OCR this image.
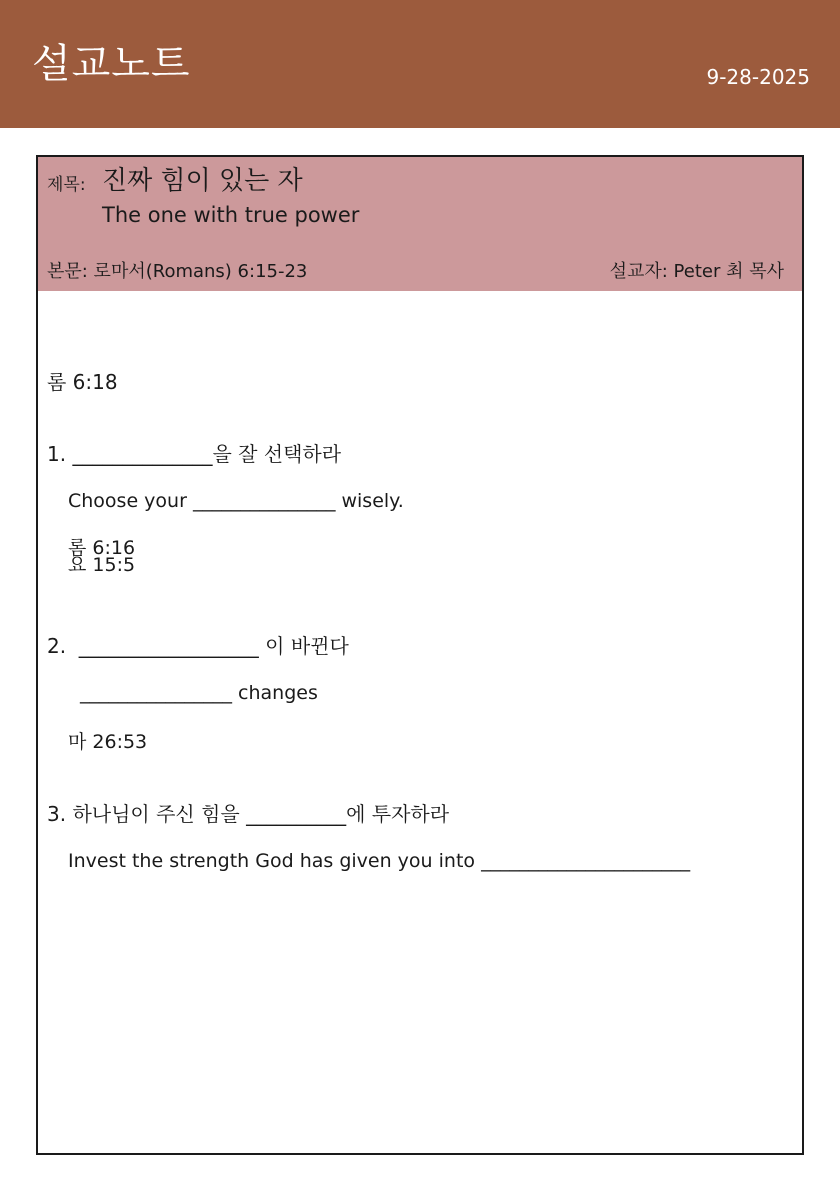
설교노트	9-28-2025
제목: 진짜 힘이 있는 자
The one with true power
본문: 로마서(Romans) 6:15-23	설교자: Peter 최 목사
롬 6:18
1. ______________을 잘 선택하라
Choose your _______________ wisely.
롬 6:16
요 15:5
2.  __________________ 이 바뀐다
________________ changes
마 26:53
3. 하나님이 주신 힘을 __________에 투자하라
Invest the strength God has given you into ______________________
